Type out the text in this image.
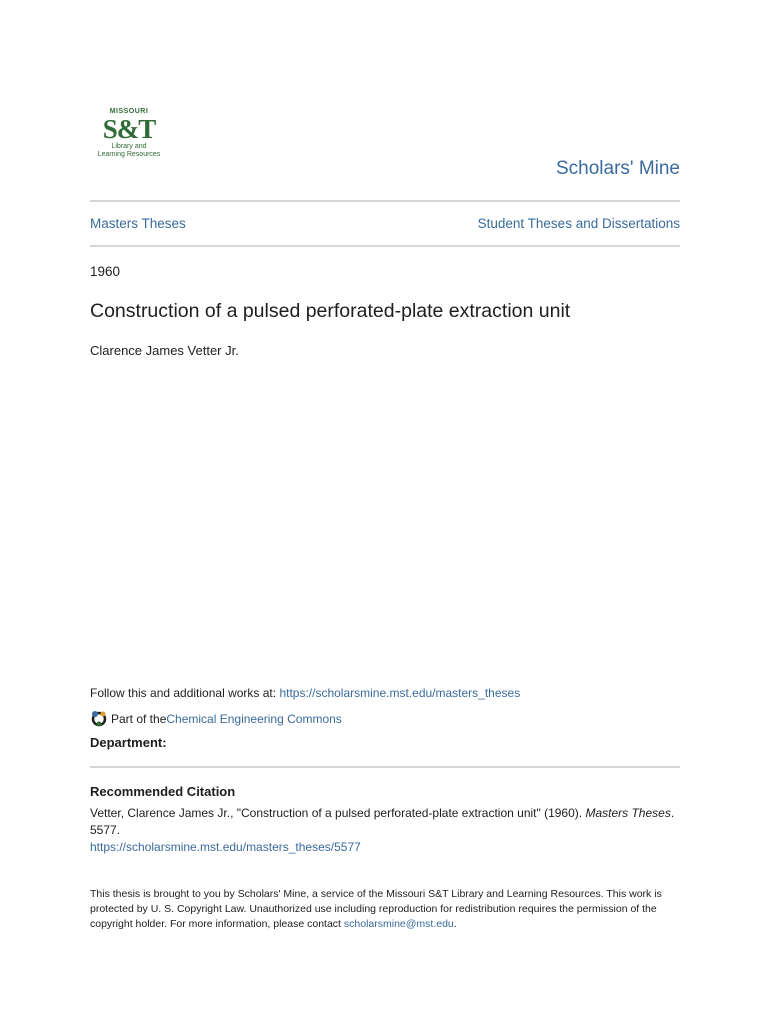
MISSOURI
S&T
Library and
Learning Resources
Scholars' Mine
Masters Theses	Student Theses and Dissertations
1960
Construction of a pulsed perforated-plate extraction unit
Clarence James Vetter Jr.
Follow this and additional works at: https://scholarsmine.mst.edu/masters_theses
Part of the Chemical Engineering Commons
Department:
Recommended Citation
Vetter, Clarence James Jr., "Construction of a pulsed perforated-plate extraction unit" (1960). Masters Theses. 5577.
https://scholarsmine.mst.edu/masters_theses/5577
This thesis is brought to you by Scholars' Mine, a service of the Missouri S&T Library and Learning Resources. This work is protected by U. S. Copyright Law. Unauthorized use including reproduction for redistribution requires the permission of the copyright holder. For more information, please contact scholarsmine@mst.edu.
